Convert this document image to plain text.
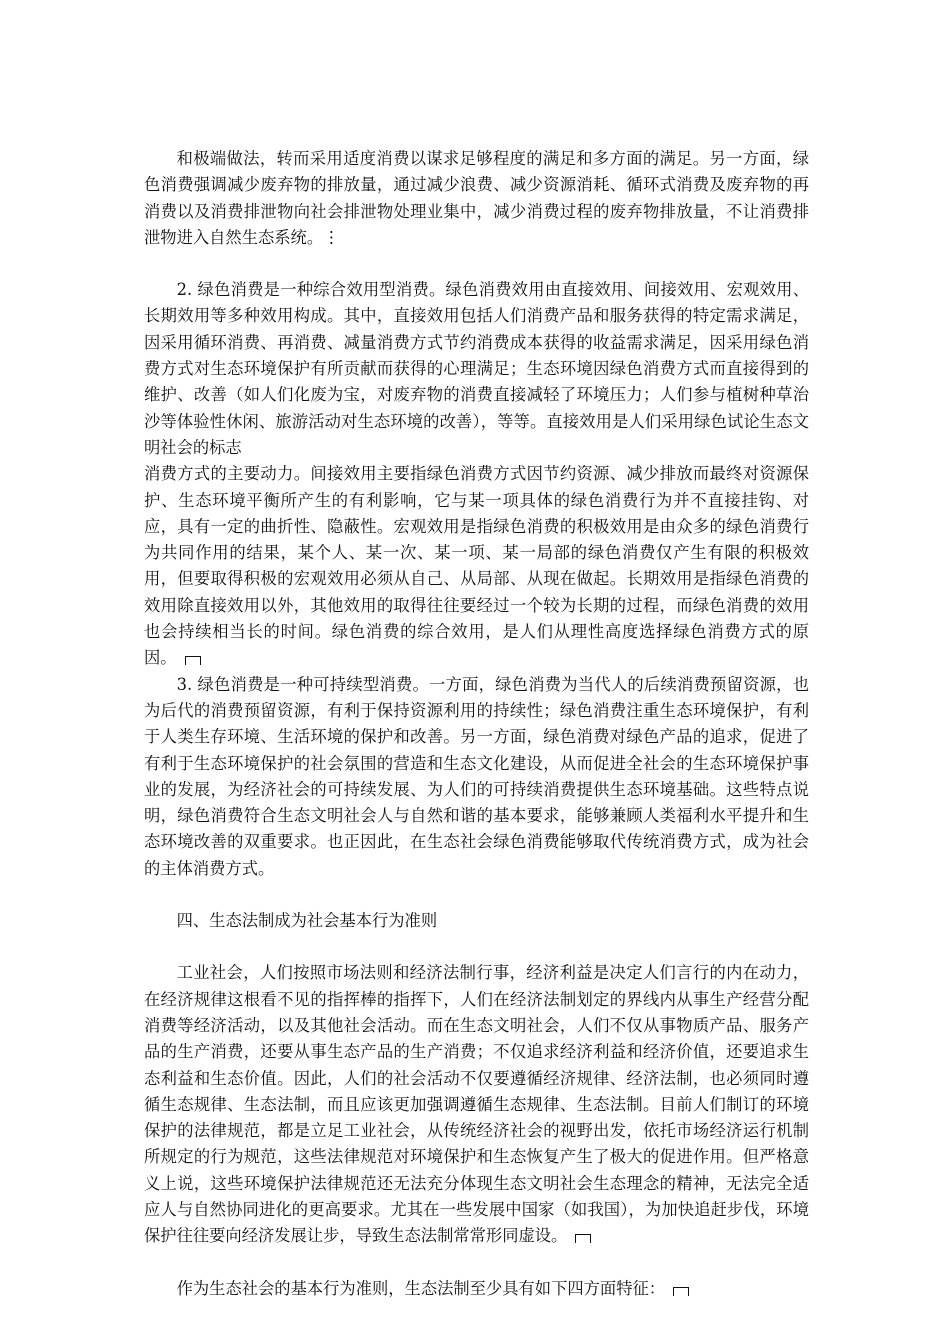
和极端做法，转而采用适度消费以谋求足够程度的满足和多方面的满足。另一方面，绿色消费强调减少废弃物的排放量，通过减少浪费、减少资源消耗、循环式消费及废弃物的再消费以及消费排泄物向社会排泄物处理业集中，减少消费过程的废弃物排放量，不让消费排泄物进入自然生态系统。⋮

2. 绿色消费是一种综合效用型消费。绿色消费效用由直接效用、间接效用、宏观效用、长期效用等多种效用构成。其中，直接效用包括人们消费产品和服务获得的特定需求满足，因采用循环消费、再消费、减量消费方式节约消费成本获得的收益需求满足，因采用绿色消费方式对生态环境保护有所贡献而获得的心理满足；生态环境因绿色消费方式而直接得到的维护、改善（如人们化废为宝，对废弃物的消费直接减轻了环境压力；人们参与植树种草治沙等体验性休闲、旅游活动对生态环境的改善），等等。直接效用是人们采用绿色试论生态文明社会的标志

消费方式的主要动力。间接效用主要指绿色消费方式因节约资源、减少排放而最终对资源保护、生态环境平衡所产生的有利影响，它与某一项具体的绿色消费行为并不直接挂钩、对应，具有一定的曲折性、隐蔽性。宏观效用是指绿色消费的积极效用是由众多的绿色消费行为共同作用的结果，某个人、某一次、某一项、某一局部的绿色消费仅产生有限的积极效用，但要取得积极的宏观效用必须从自己、从局部、从现在做起。长期效用是指绿色消费的效用除直接效用以外，其他效用的取得往往要经过一个较为长期的过程，而绿色消费的效用也会持续相当长的时间。绿色消费的综合效用，是人们从理性高度选择绿色消费方式的原因。

3. 绿色消费是一种可持续型消费。一方面，绿色消费为当代人的后续消费预留资源，也为后代的消费预留资源，有利于保持资源利用的持续性；绿色消费注重生态环境保护，有利于人类生存环境、生活环境的保护和改善。另一方面，绿色消费对绿色产品的追求，促进了有利于生态环境保护的社会氛围的营造和生态文化建设，从而促进全社会的生态环境保护事业的发展，为经济社会的可持续发展、为人们的可持续消费提供生态环境基础。这些特点说明，绿色消费符合生态文明社会人与自然和谐的基本要求，能够兼顾人类福利水平提升和生态环境改善的双重要求。也正因此，在生态社会绿色消费能够取代传统消费方式，成为社会的主体消费方式。

四、生态法制成为社会基本行为准则

工业社会，人们按照市场法则和经济法制行事，经济利益是决定人们言行的内在动力，在经济规律这根看不见的指挥棒的指挥下，人们在经济法制划定的界线内从事生产经营分配消费等经济活动，以及其他社会活动。而在生态文明社会，人们不仅从事物质产品、服务产品的生产消费，还要从事生态产品的生产消费；不仅追求经济利益和经济价值，还要追求生态利益和生态价值。因此，人们的社会活动不仅要遵循经济规律、经济法制，也必须同时遵循生态规律、生态法制，而且应该更加强调遵循生态规律、生态法制。目前人们制订的环境保护的法律规范，都是立足工业社会，从传统经济社会的视野出发，依托市场经济运行机制所规定的行为规范，这些法律规范对环境保护和生态恢复产生了极大的促进作用。但严格意义上说，这些环境保护法律规范还无法充分体现生态文明社会生态理念的精神，无法完全适应人与自然协同进化的更高要求。尤其在一些发展中国家（如我国），为加快追赶步伐，环境保护往往要向经济发展让步，导致生态法制常常形同虚设。

作为生态社会的基本行为准则，生态法制至少具有如下四方面特征：
